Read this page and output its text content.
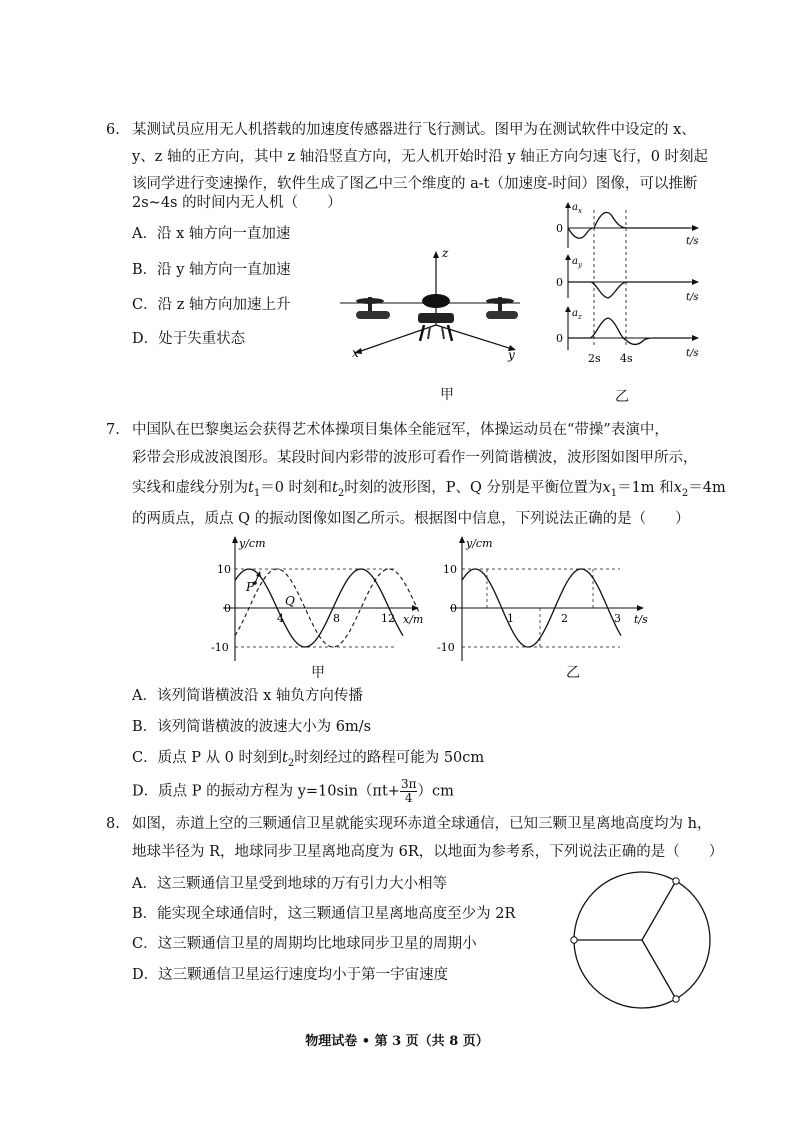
6. 某测试员应用无人机搭载的加速度传感器进行飞行测试。图甲为在测试软件中设定的 x、
y、z 轴的正方向，其中 z 轴沿竖直方向，无人机开始时沿 y 轴正方向匀速飞行，0 时刻起
该同学进行变速操作，软件生成了图乙中三个维度的 a-t（加速度-时间）图像，可以推断
2s~4s 的时间内无人机（　　）
A．沿 x 轴方向一直加速
B．沿 y 轴方向一直加速
C．沿 z 轴方向加速上升
D．处于失重状态
z
x	y
甲
a x
0
t/s
a y
0
t/s
a z
0
t/s
2s 4s
乙
7. 中国队在巴黎奥运会获得艺术体操项目集体全能冠军，体操运动员在“带操”表演中，
彩带会形成波浪图形。某段时间内彩带的波形可看作一列简谐横波，波形图如图甲所示，
实线和虚线分别为$t_1=0$ 时刻和$t_2$时刻的波形图，P、Q 分别是平衡位置为$x_1=1m$ 和$x_2=4m$
的两质点，质点 Q 的振动图像如图乙所示。根据图中信息，下列说法正确的是（　　）
P
Q
y/cm
x/m
10
0
-10
4	8	12
甲
y/cm
t/s
10
0
-10
1	2	3
乙
A．该列简谐横波沿 x 轴负方向传播
B．该列简谐横波的波速大小为 6m/s
C．质点 P 从 0 时刻到$t_2$时刻经过的路程可能为 50cm
D．质点 P 的振动方程为 $y=10\sin(\pi t+ \frac{3\pi}{4} )cm$
8. 如图，赤道上空的三颗通信卫星就能实现环赤道全球通信，已知三颗卫星离地高度均为 h，
地球半径为 R，地球同步卫星离地高度为 6R，以地面为参考系，下列说法正确的是（　　）
A．这三颗通信卫星受到地球的万有引力大小相等
B．能实现全球通信时，这三颗通信卫星离地高度至少为 2R
C．这三颗通信卫星的周期均比地球同步卫星的周期小
D．这三颗通信卫星运行速度均小于第一宇宙速度
物理试卷 • 第 3 页（共 8 页）
